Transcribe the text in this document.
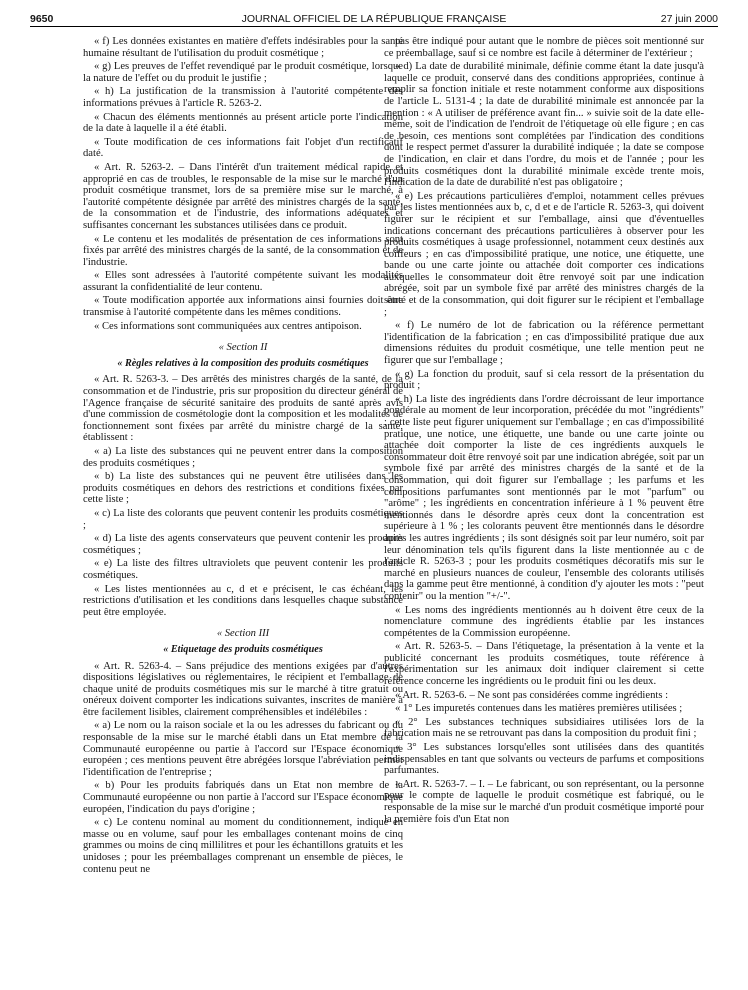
9650	JOURNAL OFFICIEL DE LA RÉPUBLIQUE FRANÇAISE	27 juin 2000

« f) Les données existantes en matière d'effets indésirables pour la santé humaine résultant de l'utilisation du produit cosmétique ;

« g) Les preuves de l'effet revendiqué par le produit cosmétique, lorsque la nature de l'effet ou du produit le justifie ;

« h) La justification de la transmission à l'autorité compétente des informations prévues à l'article R. 5263-2.

« Chacun des éléments mentionnés au présent article porte l'indication de la date à laquelle il a été établi.

« Toute modification de ces informations fait l'objet d'un rectificatif daté.

« Art. R. 5263-2. – Dans l'intérêt d'un traitement médical rapide et approprié en cas de troubles, le responsable de la mise sur le marché d'un produit cosmétique transmet, lors de sa première mise sur le marché, à l'autorité compétente désignée par arrêté des ministres chargés de la santé, de la consommation et de l'industrie, des informations adéquates et suffisantes concernant les substances utilisées dans ce produit.

« Le contenu et les modalités de présentation de ces informations sont fixés par arrêté des ministres chargés de la santé, de la consommation et de l'industrie.

« Elles sont adressées à l'autorité compétente suivant les modalités assurant la confidentialité de leur contenu.

« Toute modification apportée aux informations ainsi fournies doit être transmise à l'autorité compétente dans les mêmes conditions.

« Ces informations sont communiquées aux centres antipoison.

« Section II

« Règles relatives à la composition des produits cosmétiques

« Art. R. 5263-3. – Des arrêtés des ministres chargés de la santé, de la consommation et de l'industrie, pris sur proposition du directeur général de l'Agence française de sécurité sanitaire des produits de santé après avis d'une commission de cosmétologie dont la composition et les modalités de fonctionnement sont fixées par arrêté du ministre chargé de la santé, établissent :

« a) La liste des substances qui ne peuvent entrer dans la composition des produits cosmétiques ;

« b) La liste des substances qui ne peuvent être utilisées dans les produits cosmétiques en dehors des restrictions et conditions fixées par cette liste ;

« c) La liste des colorants que peuvent contenir les produits cosmétiques ;

« d) La liste des agents conservateurs que peuvent contenir les produits cosmétiques ;

« e) La liste des filtres ultraviolets que peuvent contenir les produits cosmétiques.

« Les listes mentionnées au c, d et e précisent, le cas échéant, les restrictions d'utilisation et les conditions dans lesquelles chaque substance peut être employée.

« Section III

« Etiquetage des produits cosmétiques

« Art. R. 5263-4. – Sans préjudice des mentions exigées par d'autres dispositions législatives ou réglementaires, le récipient et l'emballage de chaque unité de produits cosmétiques mis sur le marché à titre gratuit ou onéreux doivent comporter les indications suivantes, inscrites de manière à être facilement lisibles, clairement compréhensibles et indélébiles :

« a) Le nom ou la raison sociale et la ou les adresses du fabricant ou du responsable de la mise sur le marché établi dans un Etat membre de la Communauté européenne ou partie à l'accord sur l'Espace économique européen ; ces mentions peuvent être abrégées lorsque l'abréviation permet l'identification de l'entreprise ;

« b) Pour les produits fabriqués dans un Etat non membre de la Communauté européenne ou non partie à l'accord sur l'Espace économique européen, l'indication du pays d'origine ;

« c) Le contenu nominal au moment du conditionnement, indiqué en masse ou en volume, sauf pour les emballages contenant moins de cinq grammes ou moins de cinq millilitres et pour les échantillons gratuits et les unidoses ; pour les préemballages comprenant un ensemble de pièces, le contenu peut ne

pas être indiqué pour autant que le nombre de pièces soit mentionné sur ce préemballage, sauf si ce nombre est facile à déterminer de l'extérieur ;

« d) La date de durabilité minimale, définie comme étant la date jusqu'à laquelle ce produit, conservé dans des conditions appropriées, continue à remplir sa fonction initiale et reste notamment conforme aux dispositions de l'article L. 5131-4 ; la date de durabilité minimale est annoncée par la mention : « A utiliser de préférence avant fin... » suivie soit de la date elle-même, soit de l'indication de l'endroit de l'étiquetage où elle figure ; en cas de besoin, ces mentions sont complétées par l'indication des conditions dont le respect permet d'assurer la durabilité indiquée ; la date se compose de l'indication, en clair et dans l'ordre, du mois et de l'année ; pour les produits cosmétiques dont la durabilité minimale excède trente mois, l'indication de la date de durabilité n'est pas obligatoire ;

« e) Les précautions particulières d'emploi, notamment celles prévues par les listes mentionnées aux b, c, d et e de l'article R. 5263-3, qui doivent figurer sur le récipient et sur l'emballage, ainsi que d'éventuelles indications concernant des précautions particulières à observer pour les produits cosmétiques à usage professionnel, notamment ceux destinés aux coiffeurs ; en cas d'impossibilité pratique, une notice, une étiquette, une bande ou une carte jointe ou attachée doit comporter ces indications auxquelles le consommateur doit être renvoyé soit par une indication abrégée, soit par un symbole fixé par arrêté des ministres chargés de la santé et de la consommation, qui doit figurer sur le récipient et l'emballage ;

« f) Le numéro de lot de fabrication ou la référence permettant l'identification de la fabrication ; en cas d'impossibilité pratique due aux dimensions réduites du produit cosmétique, une telle mention peut ne figurer que sur l'emballage ;

« g) La fonction du produit, sauf si cela ressort de la présentation du produit ;

« h) La liste des ingrédients dans l'ordre décroissant de leur importance pondérale au moment de leur incorporation, précédée du mot "ingrédients" ; cette liste peut figurer uniquement sur l'emballage ; en cas d'impossibilité pratique, une notice, une étiquette, une bande ou une carte jointe ou attachée doit comporter la liste de ces ingrédients auxquels le consommateur doit être renvoyé soit par une indication abrégée, soit par un symbole fixé par arrêté des ministres chargés de la santé et de la consommation, qui doit figurer sur l'emballage ; les parfums et les compositions parfumantes sont mentionnés par le mot "parfum" ou "arôme" ; les ingrédients en concentration inférieure à 1 % peuvent être mentionnés dans le désordre après ceux dont la concentration est supérieure à 1 % ; les colorants peuvent être mentionnés dans le désordre après les autres ingrédients ; ils sont désignés soit par leur numéro, soit par leur dénomination tels qu'ils figurent dans la liste mentionnée au c de l'article R. 5263-3 ; pour les produits cosmétiques décoratifs mis sur le marché en plusieurs nuances de couleur, l'ensemble des colorants utilisés dans la gamme peut être mentionné, à condition d'y ajouter les mots : "peut contenir" ou la mention "+/-".

« Les noms des ingrédients mentionnés au h doivent être ceux de la nomenclature commune des ingrédients établie par les instances compétentes de la Commission européenne.

« Art. R. 5263-5. – Dans l'étiquetage, la présentation à la vente et la publicité concernant les produits cosmétiques, toute référence à l'expérimentation sur les animaux doit indiquer clairement si cette référence concerne les ingrédients ou le produit fini ou les deux.

« Art. R. 5263-6. – Ne sont pas considérées comme ingrédients :

« 1° Les impuretés contenues dans les matières premières utilisées ;

« 2° Les substances techniques subsidiaires utilisées lors de la fabrication mais ne se retrouvant pas dans la composition du produit fini ;

« 3° Les substances lorsqu'elles sont utilisées dans des quantités indispensables en tant que solvants ou vecteurs de parfums et compositions parfumantes.

« Art. R. 5263-7. – I. – Le fabricant, ou son représentant, ou la personne pour le compte de laquelle le produit cosmétique est fabriqué, ou le responsable de la mise sur le marché d'un produit cosmétique importé pour la première fois d'un Etat non
